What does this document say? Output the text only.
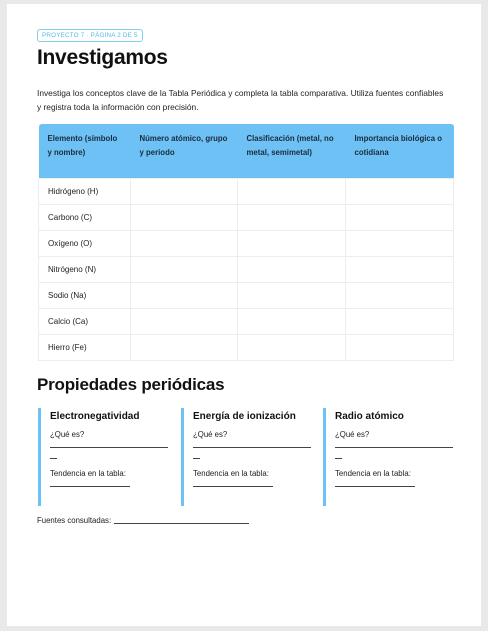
PROYECTO 7 · PÁGINA 2 DE 5
Investigamos

Investiga los conceptos clave de la Tabla Periódica y completa la tabla comparativa. Utiliza fuentes confiables y registra toda la información con precisión.

Elemento (símbolo y nombre)	Número atómico, grupo y periodo	Clasificación (metal, no metal, semimetal)	Importancia biológica o cotidiana
Hidrógeno (H)			
Carbono (C)			
Oxígeno (O)			
Nitrógeno (N)			
Sodio (Na)			
Calcio (Ca)			
Hierro (Fe)			
Propiedades periódicas
Electronegatividad
¿Qué es?
Tendencia en la tabla:
Energía de ionización
¿Qué es?
Tendencia en la tabla:
Radio atómico
¿Qué es?
Tendencia en la tabla:
Fuentes consultadas:
